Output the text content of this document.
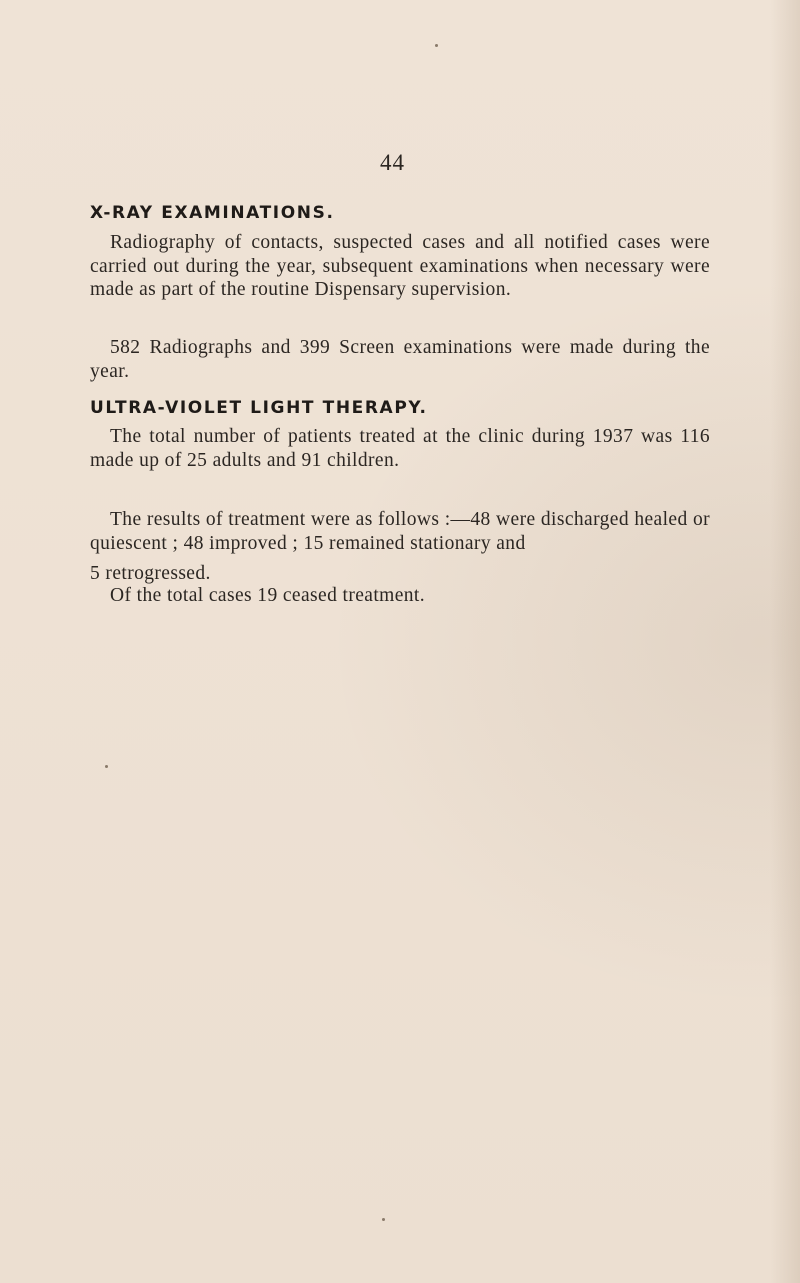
44
X-RAY EXAMINATIONS.

Radiography of contacts, suspected cases and all notified cases were carried out during the year, subsequent examinations when necessary were made as part of the routine Dispensary supervision.

582 Radiographs and 399 Screen examinations were made during the year.

ULTRA-VIOLET LIGHT THERAPY.

The total number of patients treated at the clinic during 1937 was 116 made up of 25 adults and 91 children.

The results of treatment were as follows :—48 were discharged healed or quiescent ; 48 improved ; 15 remained stationary and

5 retrogressed.

Of the total cases 19 ceased treatment.
